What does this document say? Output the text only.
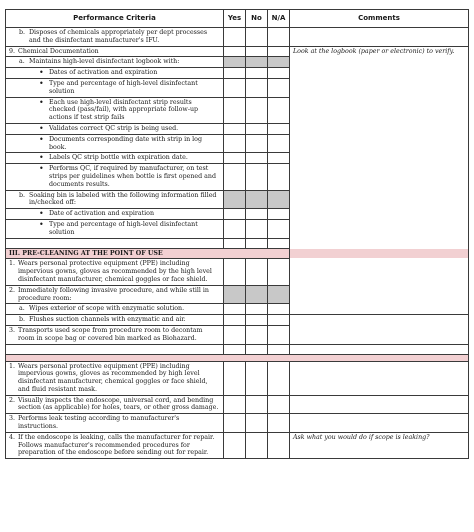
Performance Criteria	Yes	No	N/A	Comments	

b. Disposes of chemicals appropriately per dept processes and the disinfectant manufacturer's IFU.					

9. Chemical Documentation				Look at the logbook (paper or electronic) to verify.	

a. Maintains high-level disinfectant logbook with:					

• Dates of activation and expiration					

• Type and percentage of high-level disinfectant solution					

• Each use high-level disinfectant strip results checked (pass/fail), with appropriate follow-up actions if test strip fails					

• Validates correct QC strip is being used.					

• Documents corresponding date with strip in log book.					

• Labels QC strip bottle with expiration date.					

• Performs QC, if required by manufacturer, on test strips per guidelines when bottle is first opened and documents results.					

b. Soaking bin is labeled with the following information filled in/checked off:					

• Date of activation and expiration					

• Type and percentage of high-level disinfectant solution					

III. PRE-CLEANING AT THE POINT OF USE					

1. Wears personal protective equipment (PPE) including impervious gowns, gloves as recommended by the high level disinfectant manufacturer, chemical goggles or face shield.

2. Immediately following invasive procedure, and while still in procedure room:					

a. Wipes exterior of scope with enzymatic solution.					

b. Flushes suction channels with enzymatic and air.					

3. Transports used scope from procedure room to decontam room in scope bag or covered bin marked as Biohazard.					

1. Wears personal protective equipment (PPE) including impervious gowns, gloves as recommended by high level disinfectant manufacturer, chemical goggles or face shield, and fluid resistant mask.					

2. Visually inspects the endoscope, universal cord, and bending section (as applicable) for holes, tears, or other gross damage.					

3. Performs leak testing according to manufacturer's instructions.					

4. If the endoscope is leaking, calls the manufacturer for repair. Follows manufacturer's recommended procedures for preparation of the endoscope before sending out for repair.				Ask what you would do if scope is leaking?	
